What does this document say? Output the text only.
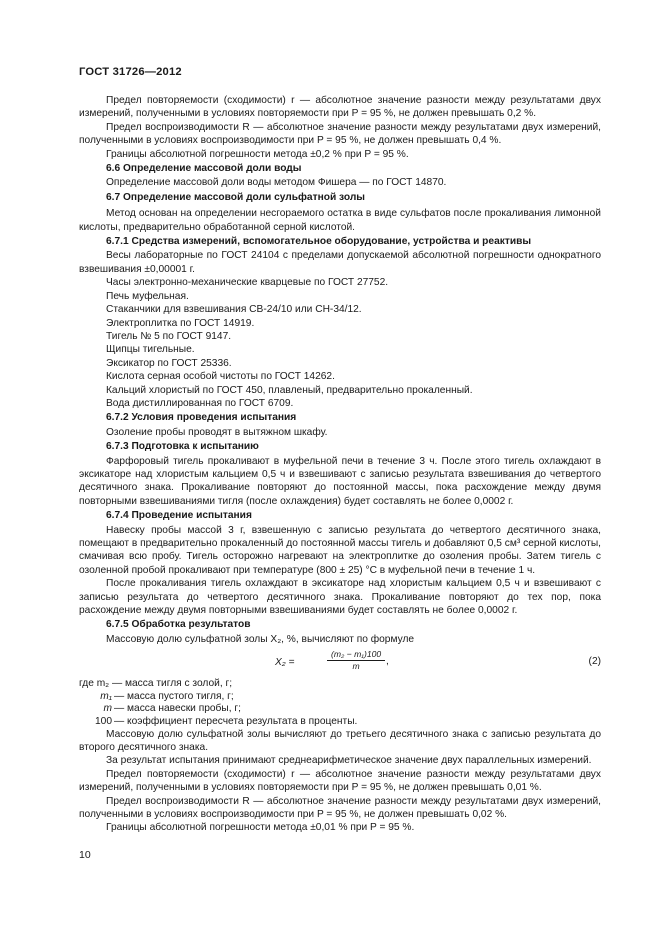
ГОСТ 31726—2012

Предел повторяемости (сходимости) r — абсолютное значение разности между результатами двух измерений, полученными в условиях повторяемости при P = 95 %, не должен превышать 0,2 %.

Предел воспроизводимости R — абсолютное значение разности между результатами двух измерений, полученными в условиях воспроизводимости при P = 95 %, не должен превышать 0,4 %.

Границы абсолютной погрешности метода ±0,2 % при P = 95 %.

6.6 Определение массовой доли воды

Определение массовой доли воды методом Фишера — по ГОСТ 14870.

6.7 Определение массовой доли сульфатной золы

Метод основан на определении несгораемого остатка в виде сульфатов после прокаливания лимонной кислоты, предварительно обработанной серной кислотой.

6.7.1 Средства измерений, вспомогательное оборудование, устройства и реактивы

Весы лабораторные по ГОСТ 24104 с пределами допускаемой абсолютной погрешности однократного взвешивания ±0,00001 г.

Часы электронно-механические кварцевые по ГОСТ 27752.

Печь муфельная.

Стаканчики для взвешивания СВ-24/10 или СН-34/12.

Электроплитка по ГОСТ 14919.

Тигель № 5 по ГОСТ 9147.

Щипцы тигельные.

Эксикатор по ГОСТ 25336.

Кислота серная особой чистоты по ГОСТ 14262.

Кальций хлористый по ГОСТ 450, плавленый, предварительно прокаленный.

Вода дистиллированная по ГОСТ 6709.

6.7.2 Условия проведения испытания

Озоление пробы проводят в вытяжном шкафу.

6.7.3 Подготовка к испытанию

Фарфоровый тигель прокаливают в муфельной печи в течение 3 ч. После этого тигель охлаждают в эксикаторе над хлористым кальцием 0,5 ч и взвешивают с записью результата взвешивания до четвертого десятичного знака. Прокаливание повторяют до постоянной массы, пока расхождение между двумя повторными взвешиваниями тигля (после охлаждения) будет составлять не более 0,0002 г.

6.7.4 Проведение испытания

Навеску пробы массой 3 г, взвешенную с записью результата до четвертого десятичного знака, помещают в предварительно прокаленный до постоянной массы тигель и добавляют 0,5 см³ серной кислоты, смачивая всю пробу. Тигель осторожно нагревают на электроплитке до озоления пробы. Затем тигель с озоленной пробой прокаливают при температуре (800 ± 25) °С в муфельной печи в течение 1 ч.

После прокаливания тигель охлаждают в эксикаторе над хлористым кальцием 0,5 ч и взвешивают с записью результата до четвертого десятичного знака. Прокаливание повторяют до тех пор, пока расхождение между двумя повторными взвешиваниями будет составлять не более 0,0002 г.

6.7.5 Обработка результатов

Массовую долю сульфатной золы X₂, %, вычисляют по формуле

X₂ =	$\frac{\text{(m₂ − m₁)100}}{m}$ ,	(2)
где m₂ — масса тигля с золой, г;
m₁ — масса пустого тигля, г;
m — масса навески пробы, г;
100 — коэффициент пересчета результата в проценты.

Массовую долю сульфатной золы вычисляют до третьего десятичного знака с записью результата до второго десятичного знака.

За результат испытания принимают среднеарифметическое значение двух параллельных измерений.

Предел повторяемости (сходимости) r — абсолютное значение разности между результатами двух измерений, полученными в условиях повторяемости при P = 95 %, не должен превышать 0,01 %.

Предел воспроизводимости R — абсолютное значение разности между результатами двух измерений, полученными в условиях воспроизводимости при P = 95 %, не должен превышать 0,02 %.

Границы абсолютной погрешности метода ±0,01 % при P = 95 %.

10
